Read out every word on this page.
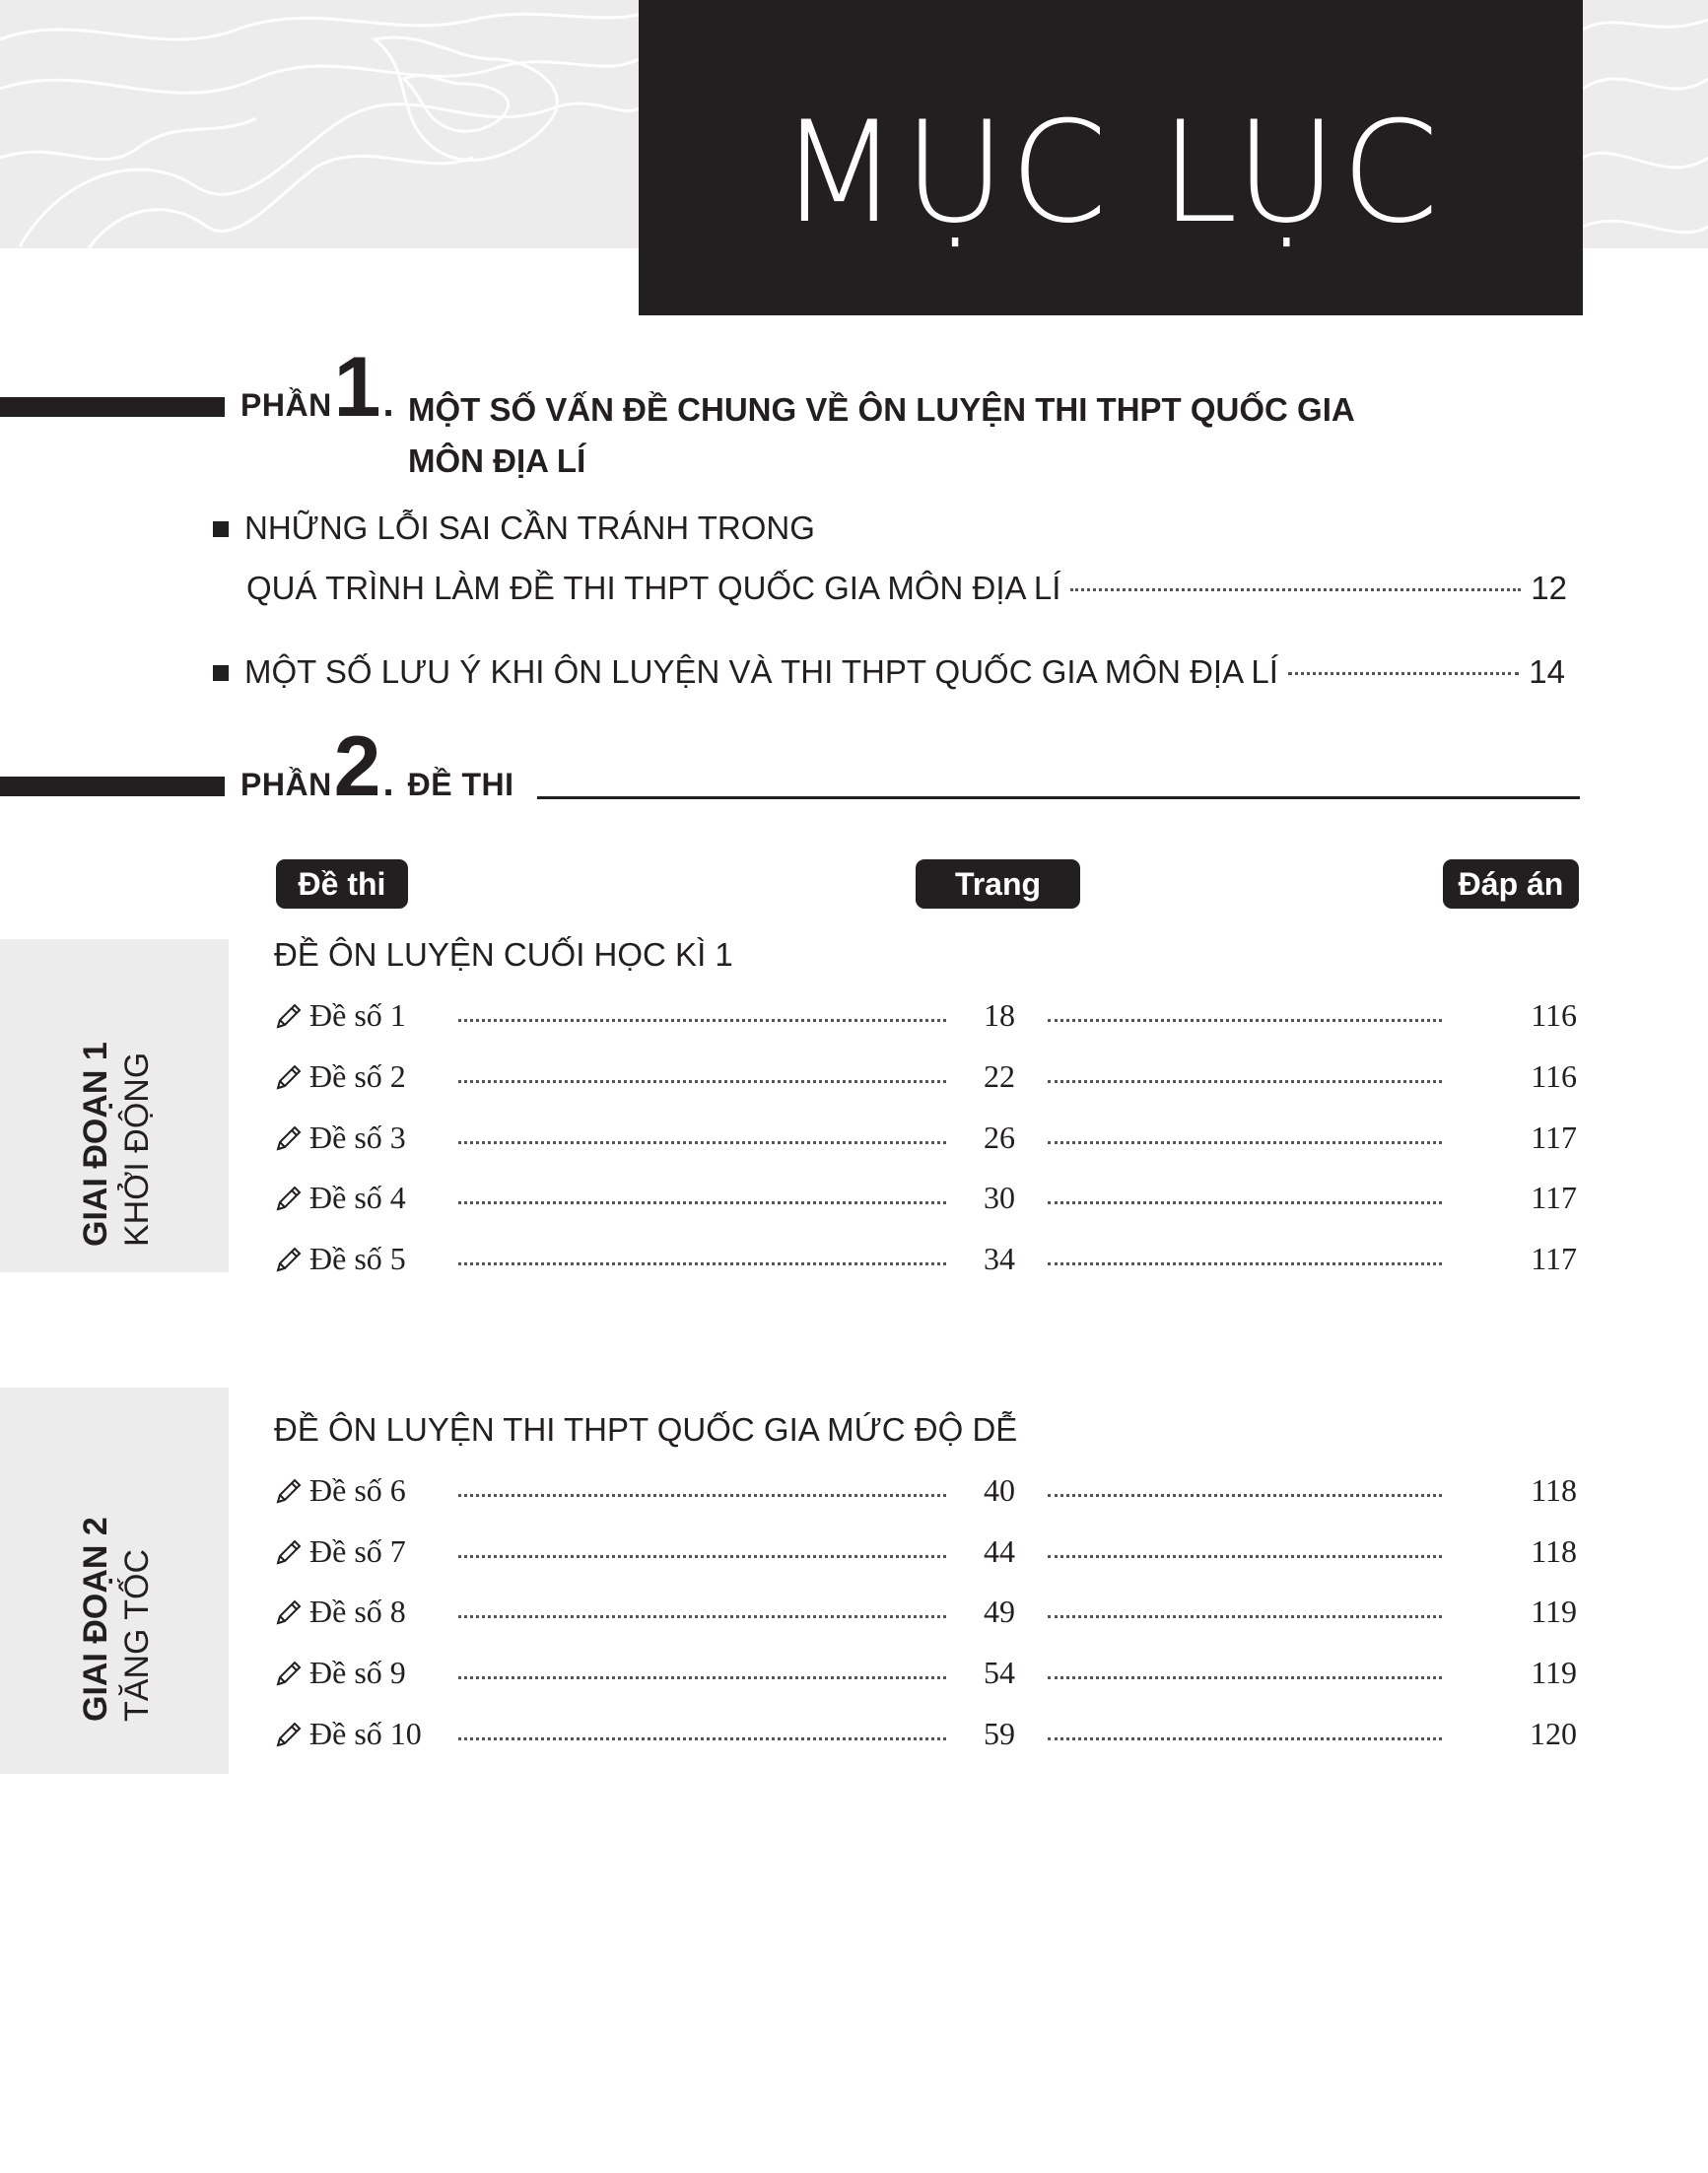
MỤC LỤC
PHẦN 1 . MỘT SỐ VẤN ĐỀ CHUNG VỀ ÔN LUYỆN THI THPT QUỐC GIA
MÔN ĐỊA LÍ
NHỮNG LỖI SAI CẦN TRÁNH TRONG
QUÁ TRÌNH LÀM ĐỀ THI THPT QUỐC GIA MÔN ĐỊA LÍ	12
MỘT SỐ LƯU Ý KHI ÔN LUYỆN VÀ THI THPT QUỐC GIA MÔN ĐỊA LÍ	14
PHẦN 2 . ĐỀ THI
Đề thi	Trang	Đáp án
GIAI ĐOẠN 1 KHỞI ĐỘNG
ĐỀ ÔN LUYỆN CUỐI HỌC KÌ 1
Đề số 1	18	116
Đề số 2	22	116
Đề số 3	26	117
Đề số 4	30	117
Đề số 5	34	117
GIAI ĐOẠN 2 TĂNG TỐC
ĐỀ ÔN LUYỆN THI THPT QUỐC GIA MỨC ĐỘ DỄ
Đề số 6	40	118
Đề số 7	44	118
Đề số 8	49	119
Đề số 9	54	119
Đề số 10	59	120
